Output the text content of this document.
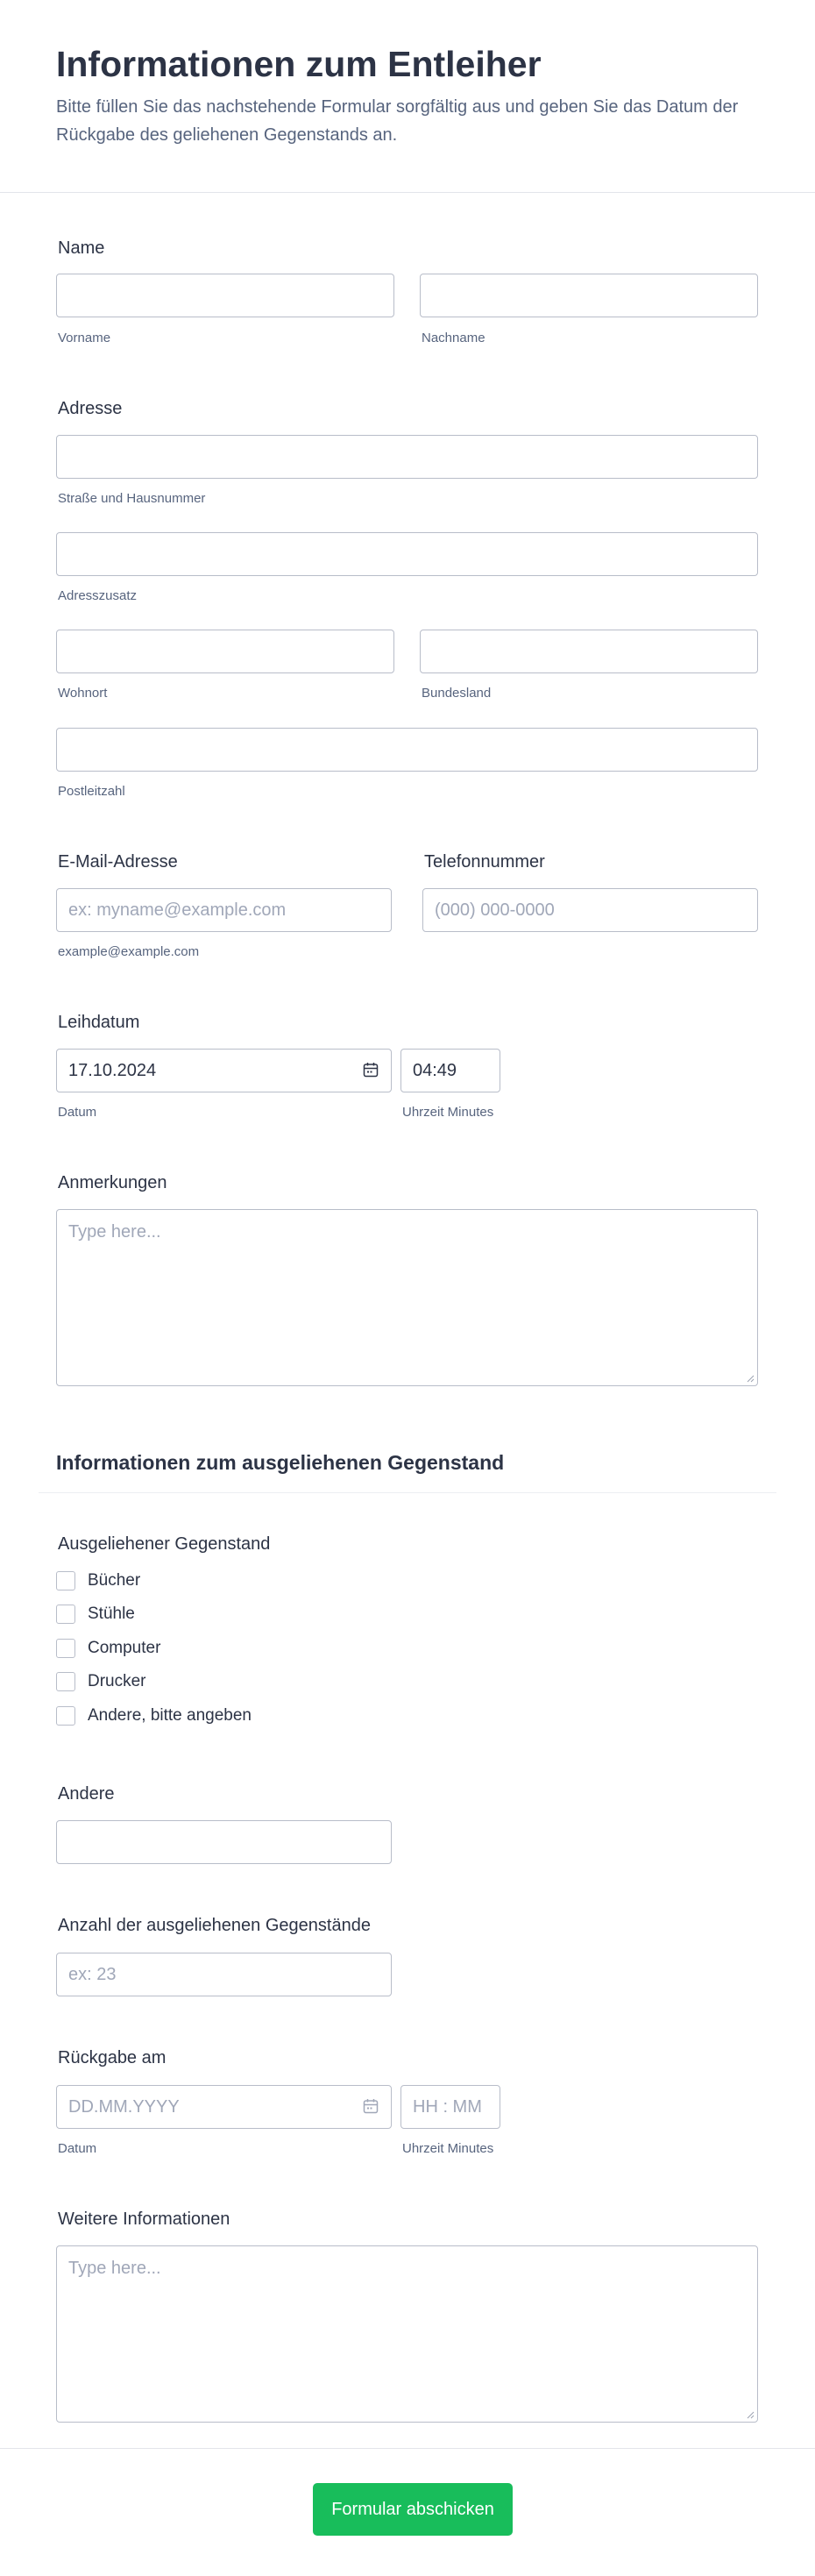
Informationen zum Entleiher

Bitte füllen Sie das nachstehende Formular sorgfältig aus und geben Sie das Datum der Rückgabe des geliehenen Gegenstands an.

Name
Vorname	Nachname
Adresse
Straße und Hausnummer
Adresszusatz
Wohnort	Bundesland
Postleitzahl
E-Mail-Adresse	Telefonnummer
ex: myname@example.com
(000) 000-0000
example@example.com
Leihdatum
17.10.2024	04:49
Datum	Uhrzeit Minutes
Anmerkungen
Type here...
Informationen zum ausgeliehenen Gegenstand
Ausgeliehener Gegenstand
Bücher
Stühle
Computer
Drucker
Andere, bitte angeben
Andere
Anzahl der ausgeliehenen Gegenstände
ex: 23
Rückgabe am
DD.MM.YYYY	HH : MM
Datum	Uhrzeit Minutes
Weitere Informationen
Type here...
Formular abschicken
